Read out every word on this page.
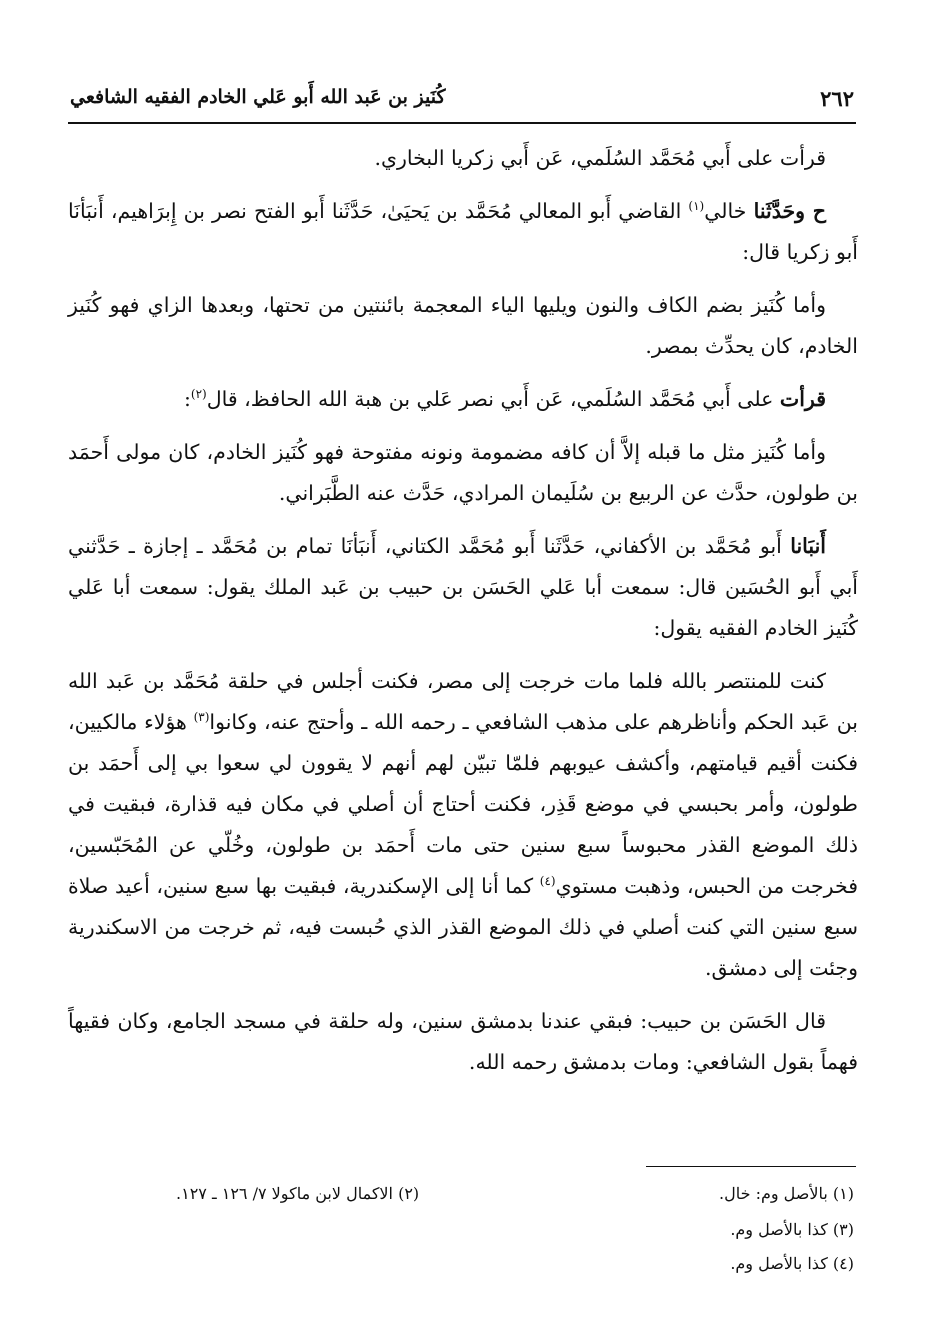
٢٦٢
كُنَيز بن عَبد الله أَبو عَلي الخادم الفقيه الشافعي

قرأت على أَبي مُحَمَّد السُلَمي، عَن أَبي زكريا البخاري.

ح وحَدَّثَنا خالي$^{(١)}$ القاضي أَبو المعالي مُحَمَّد بن يَحيَىٰ، حَدَّثَنا أَبو الفتح نصر بن إِبرَاهيم، أَنبَأنَا أَبو زكريا قال:

وأما كُنَيز بضم الكاف والنون ويليها الياء المعجمة بائنتين من تحتها، وبعدها الزاي فهو كُنَيز الخادم، كان يحدِّث بمصر.

قرأت على أَبي مُحَمَّد السُلَمي، عَن أَبي نصر عَلي بن هبة الله الحافظ، قال$^{(٢)}$:

وأما كُنَيز مثل ما قبله إلاَّ أن كافه مضمومة ونونه مفتوحة فهو كُنَيز الخادم، كان مولى أَحمَد بن طولون، حدَّث عن الربيع بن سُلَيمان المرادي، حَدَّث عنه الطَّبَراني.

أَنبَانا أَبو مُحَمَّد بن الأكفاني، حَدَّثَنا أَبو مُحَمَّد الكتاني، أَنبَأنَا تمام بن مُحَمَّد ـ إجازة ـ حَدَّثني أَبي أَبو الحُسَين قال: سمعت أبا عَلي الحَسَن بن حبيب بن عَبد الملك يقول: سمعت أبا عَلي كُنَيز الخادم الفقيه يقول:

كنت للمنتصر بالله فلما مات خرجت إلى مصر، فكنت أجلس في حلقة مُحَمَّد بن عَبد الله بن عَبد الحكم وأناظرهم على مذهب الشافعي ـ رحمه الله ـ وأحتج عنه، وكانوا$^{(٣)}$ هؤلاء مالكيين، فكنت أقيم قيامتهم، وأكشف عيوبهم فلمّا تبيّن لهم أنهم لا يقوون لي سعوا بي إلى أَحمَد بن طولون، وأمر بحبسي في موضع قَذِر، فكنت أحتاج أن أصلي في مكان فيه قذارة، فبقيت في ذلك الموضع القذر محبوساً سبع سنين حتى مات أَحمَد بن طولون، وخُلّي عن المُحَبّسين، فخرجت من الحبس، وذهبت مستوي$^{(٤)}$ كما أنا إلى الإسكندرية، فبقيت بها سبع سنين، أعيد صلاة سبع سنين التي كنت أصلي في ذلك الموضع القذر الذي حُبست فيه، ثم خرجت من الاسكندرية وجئت إلى دمشق.

قال الحَسَن بن حبيب: فبقي عندنا بدمشق سنين، وله حلقة في مسجد الجامع، وكان فقيهاً فهماً بقول الشافعي: ومات بدمشق رحمه الله.

(١) بالأصل وم: خال.
(٢) الاكمال لابن ماكولا ٧/ ١٢٦ ـ ١٢٧.
(٣) كذا بالأصل وم.
(٤) كذا بالأصل وم.
